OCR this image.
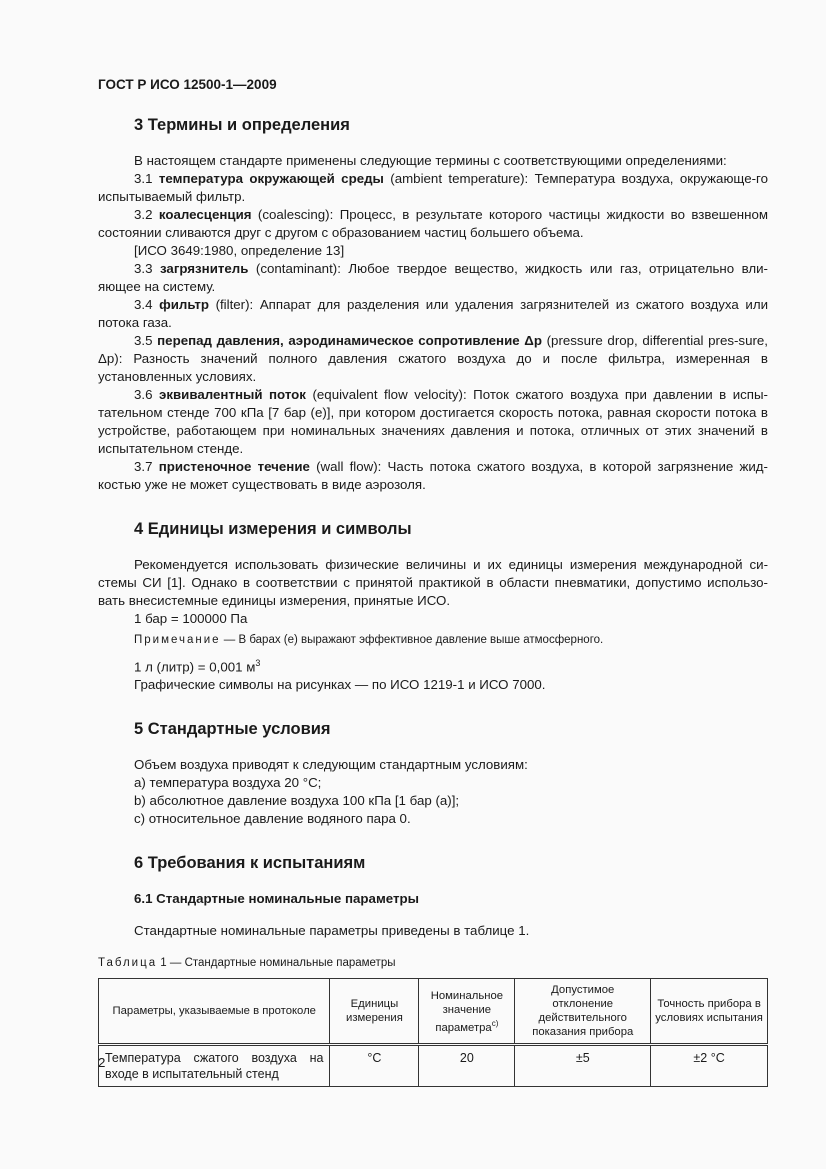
ГОСТ Р ИСО 12500-1—2009
3 Термины и определения

В настоящем стандарте применены следующие термины с соответствующими определениями:

3.1 температура окружающей среды (ambient temperature): Температура воздуха, окружающе-го испытываемый фильтр.

3.2 коалесценция (coalescing): Процесс, в результате которого частицы жидкости во взвешенном состоянии сливаются друг с другом с образованием частиц большего объема.

[ИСО 3649:1980, определение 13]

3.3 загрязнитель (contaminant): Любое твердое вещество, жидкость или газ, отрицательно вли-яющее на систему.

3.4 фильтр (filter): Аппарат для разделения или удаления загрязнителей из сжатого воздуха или потока газа.

3.5 перепад давления, аэродинамическое сопротивление Δp (pressure drop, differential pres-sure, Δp): Разность значений полного давления сжатого воздуха до и после фильтра, измеренная в установленных условиях.

3.6 эквивалентный поток (equivalent flow velocity): Поток сжатого воздуха при давлении в испы-тательном стенде 700 кПа [7 бар (е)], при котором достигается скорость потока, равная скорости потока в устройстве, работающем при номинальных значениях давления и потока, отличных от этих значений в испытательном стенде.

3.7 пристеночное течение (wall flow): Часть потока сжатого воздуха, в которой загрязнение жид-костью уже не может существовать в виде аэрозоля.

4 Единицы измерения и символы

Рекомендуется использовать физические величины и их единицы измерения международной си-стемы СИ [1]. Однако в соответствии с принятой практикой в области пневматики, допустимо использо-вать внесистемные единицы измерения, принятые ИСО.

1 бар = 100000 Па

Примечание — В барах (е) выражают эффективное давление выше атмосферного.

1 л (литр) = 0,001 $м^3$

Графические символы на рисунках — по ИСО 1219-1 и ИСО 7000.

5 Стандартные условия

Объем воздуха приводят к следующим стандартным условиям:

а) температура воздуха 20 °С;

b) абсолютное давление воздуха 100 кПа [1 бар (а)];

с) относительное давление водяного пара 0.

6 Требования к испытаниям
6.1 Стандартные номинальные параметры

Стандартные номинальные параметры приведены в таблице 1.

Таблица 1 — Стандартные номинальные параметры
Параметры, указываемые в протоколе	Единицы измерения	Номинальное значение параметра$^{с)}$	Допустимое отклонение действительного показания прибора	Точность прибора в условиях испытания
Температура сжатого воздуха на входе в испытательный стенд	°С	20	±5	±2 °С
2
